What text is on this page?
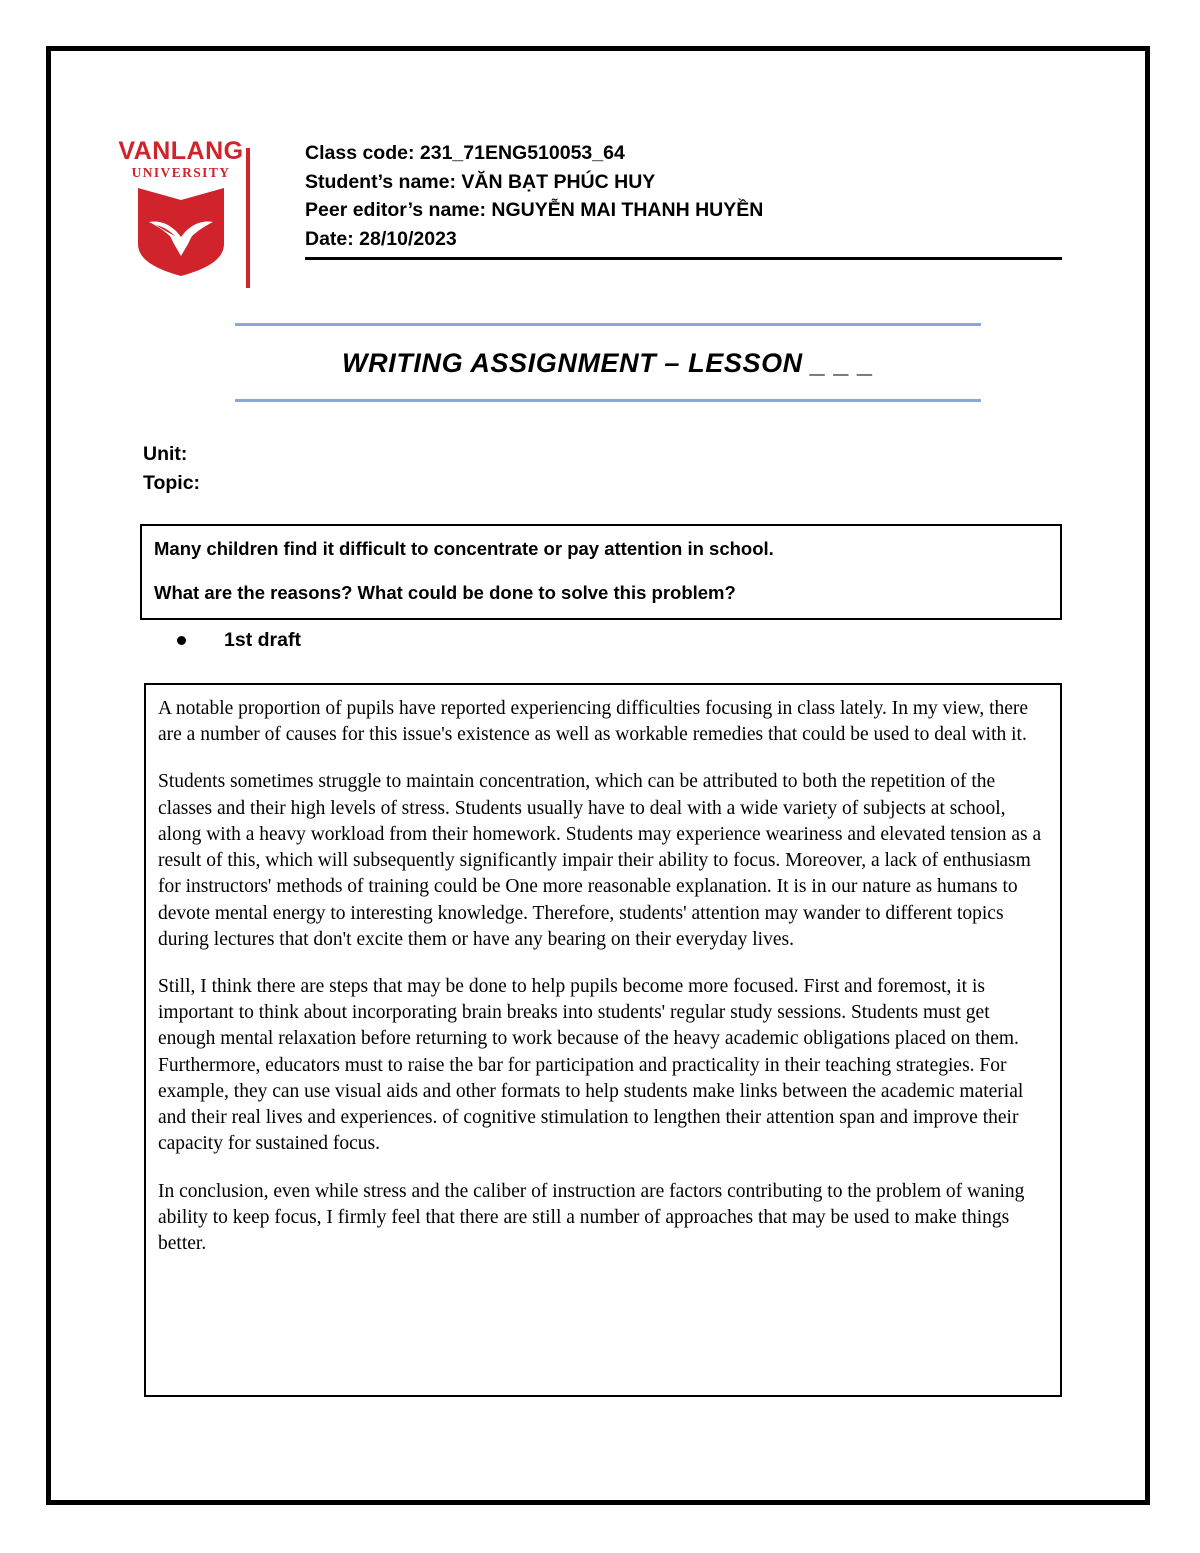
VANLANG
UNIVERSITY
Class code: 231_71ENG510053_64
Student’s name: VĂN BẠT PHÚC HUY
Peer editor’s name: NGUYỄN MAI THANH HUYỀN
Date: 28/10/2023
WRITING ASSIGNMENT – LESSON _ _ _
Unit:
Topic:
Many children find it difficult to concentrate or pay attention in school.
What are the reasons? What could be done to solve this problem?
1st draft

A notable proportion of pupils have reported experiencing difficulties focusing in class lately. In my view, there are a number of causes for this issue's existence as well as workable remedies that could be used to deal with it.

Students sometimes struggle to maintain concentration, which can be attributed to both the repetition of the classes and their high levels of stress. Students usually have to deal with a wide variety of subjects at school, along with a heavy workload from their homework. Students may experience weariness and elevated tension as a result of this, which will subsequently significantly impair their ability to focus. Moreover, a lack of enthusiasm for instructors' methods of training could be One more reasonable explanation. It is in our nature as humans to devote mental energy to interesting knowledge. Therefore, students' attention may wander to different topics during lectures that don't excite them or have any bearing on their everyday lives.

Still, I think there are steps that may be done to help pupils become more focused. First and foremost, it is important to think about incorporating brain breaks into students' regular study sessions. Students must get enough mental relaxation before returning to work because of the heavy academic obligations placed on them. Furthermore, educators must to raise the bar for participation and practicality in their teaching strategies. For example, they can use visual aids and other formats to help students make links between the academic material and their real lives and experiences. of cognitive stimulation to lengthen their attention span and improve their capacity for sustained focus.

In conclusion, even while stress and the caliber of instruction are factors contributing to the problem of waning ability to keep focus, I firmly feel that there are still a number of approaches that may be used to make things better.
